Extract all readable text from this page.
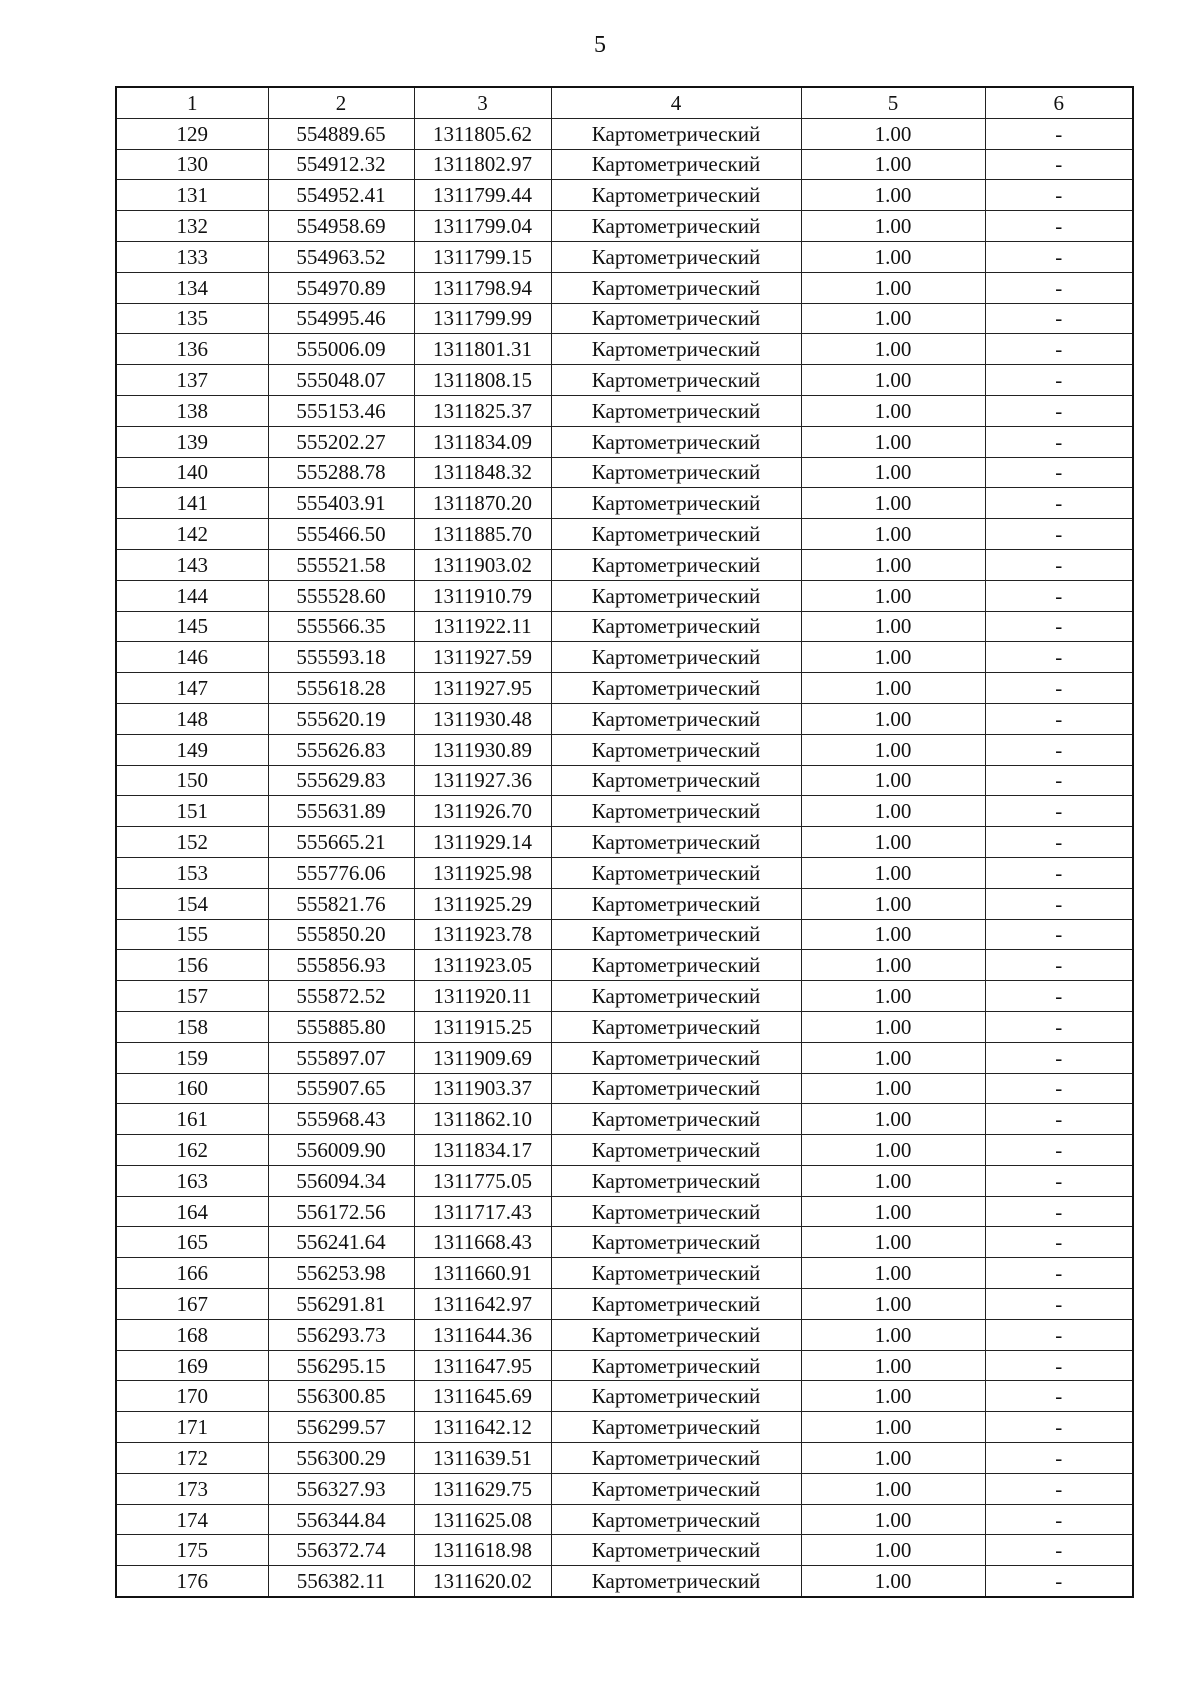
5
1	2	3	4	5	6
129	554889.65	1311805.62	Картометрический	1.00	-
130	554912.32	1311802.97	Картометрический	1.00	-
131	554952.41	1311799.44	Картометрический	1.00	-
132	554958.69	1311799.04	Картометрический	1.00	-
133	554963.52	1311799.15	Картометрический	1.00	-
134	554970.89	1311798.94	Картометрический	1.00	-
135	554995.46	1311799.99	Картометрический	1.00	-
136	555006.09	1311801.31	Картометрический	1.00	-
137	555048.07	1311808.15	Картометрический	1.00	-
138	555153.46	1311825.37	Картометрический	1.00	-
139	555202.27	1311834.09	Картометрический	1.00	-
140	555288.78	1311848.32	Картометрический	1.00	-
141	555403.91	1311870.20	Картометрический	1.00	-
142	555466.50	1311885.70	Картометрический	1.00	-
143	555521.58	1311903.02	Картометрический	1.00	-
144	555528.60	1311910.79	Картометрический	1.00	-
145	555566.35	1311922.11	Картометрический	1.00	-
146	555593.18	1311927.59	Картометрический	1.00	-
147	555618.28	1311927.95	Картометрический	1.00	-
148	555620.19	1311930.48	Картометрический	1.00	-
149	555626.83	1311930.89	Картометрический	1.00	-
150	555629.83	1311927.36	Картометрический	1.00	-
151	555631.89	1311926.70	Картометрический	1.00	-
152	555665.21	1311929.14	Картометрический	1.00	-
153	555776.06	1311925.98	Картометрический	1.00	-
154	555821.76	1311925.29	Картометрический	1.00	-
155	555850.20	1311923.78	Картометрический	1.00	-
156	555856.93	1311923.05	Картометрический	1.00	-
157	555872.52	1311920.11	Картометрический	1.00	-
158	555885.80	1311915.25	Картометрический	1.00	-
159	555897.07	1311909.69	Картометрический	1.00	-
160	555907.65	1311903.37	Картометрический	1.00	-
161	555968.43	1311862.10	Картометрический	1.00	-
162	556009.90	1311834.17	Картометрический	1.00	-
163	556094.34	1311775.05	Картометрический	1.00	-
164	556172.56	1311717.43	Картометрический	1.00	-
165	556241.64	1311668.43	Картометрический	1.00	-
166	556253.98	1311660.91	Картометрический	1.00	-
167	556291.81	1311642.97	Картометрический	1.00	-
168	556293.73	1311644.36	Картометрический	1.00	-
169	556295.15	1311647.95	Картометрический	1.00	-
170	556300.85	1311645.69	Картометрический	1.00	-
171	556299.57	1311642.12	Картометрический	1.00	-
172	556300.29	1311639.51	Картометрический	1.00	-
173	556327.93	1311629.75	Картометрический	1.00	-
174	556344.84	1311625.08	Картометрический	1.00	-
175	556372.74	1311618.98	Картометрический	1.00	-
176	556382.11	1311620.02	Картометрический	1.00	-
